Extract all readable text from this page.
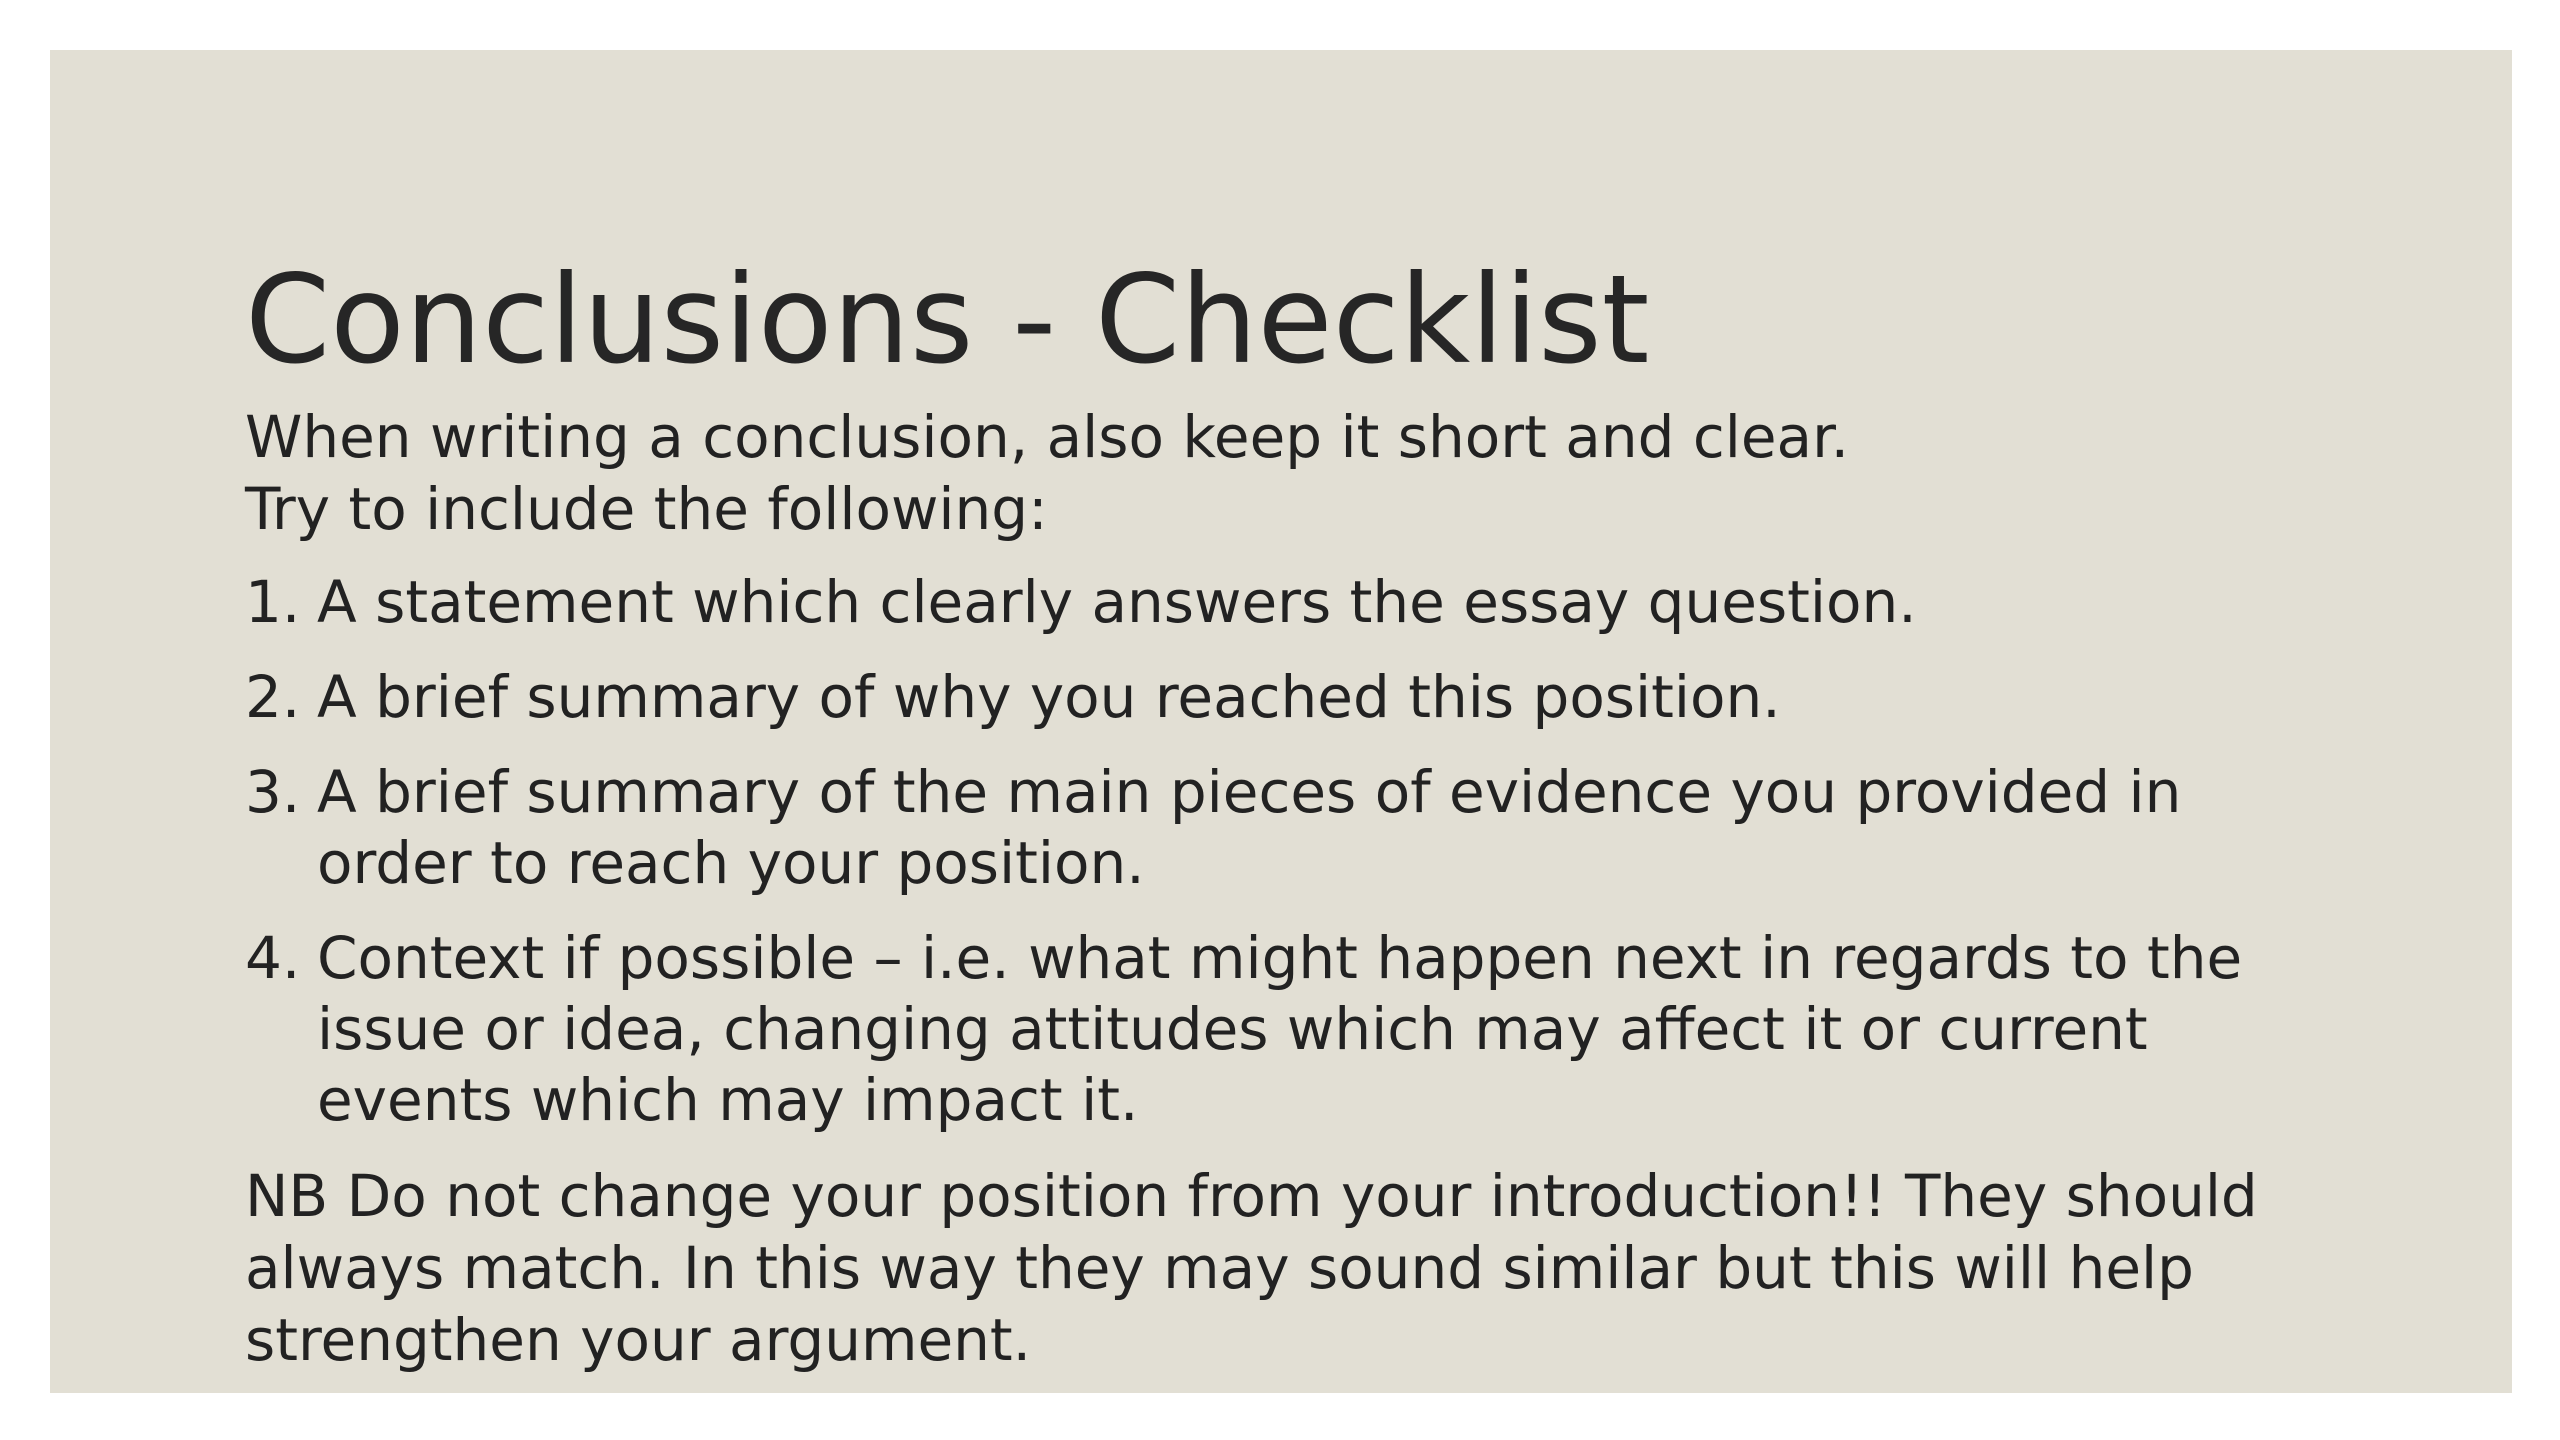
Conclusions - Checklist

When writing a conclusion, also keep it short and clear.

Try to include the following:

1. A statement which clearly answers the essay question.
2. A brief summary of why you reached this position.
3. A brief summary of the main pieces of evidence you provided in order to reach your position.
4. Context if possible – i.e. what might happen next in regards to the issue or idea, changing attitudes which may affect it or current events which may impact it.

NB Do not change your position from your introduction!! They should always match. In this way they may sound similar but this will help strengthen your argument.
